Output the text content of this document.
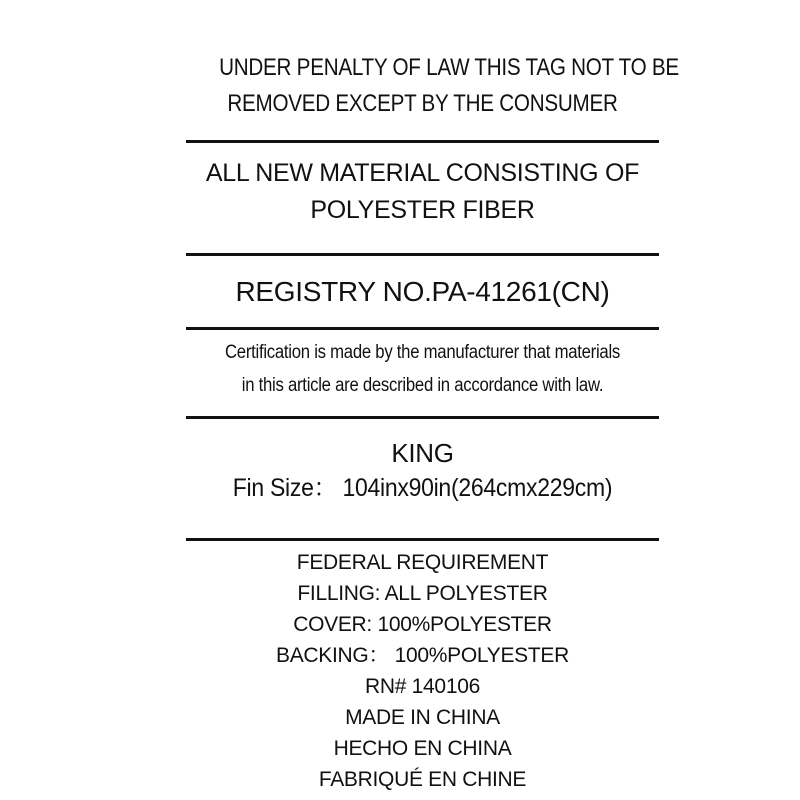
UNDER PENALTY OF LAW THIS TAG NOT TO BE
REMOVED EXCEPT BY THE CONSUMER
ALL NEW MATERIAL CONSISTING OF
POLYESTER FIBER
REGISTRY NO.PA-41261(CN)
Certification is made by the manufacturer that materials
in this article are described in accordance with law.
KING
Fin Size： 104inx90in(264cmx229cm)
FEDERAL REQUIREMENT
FILLING: ALL POLYESTER
COVER: 100%POLYESTER
BACKING： 100%POLYESTER
RN# 140106
MADE IN CHINA
HECHO EN CHINA
FABRIQUÉ EN CHINE
